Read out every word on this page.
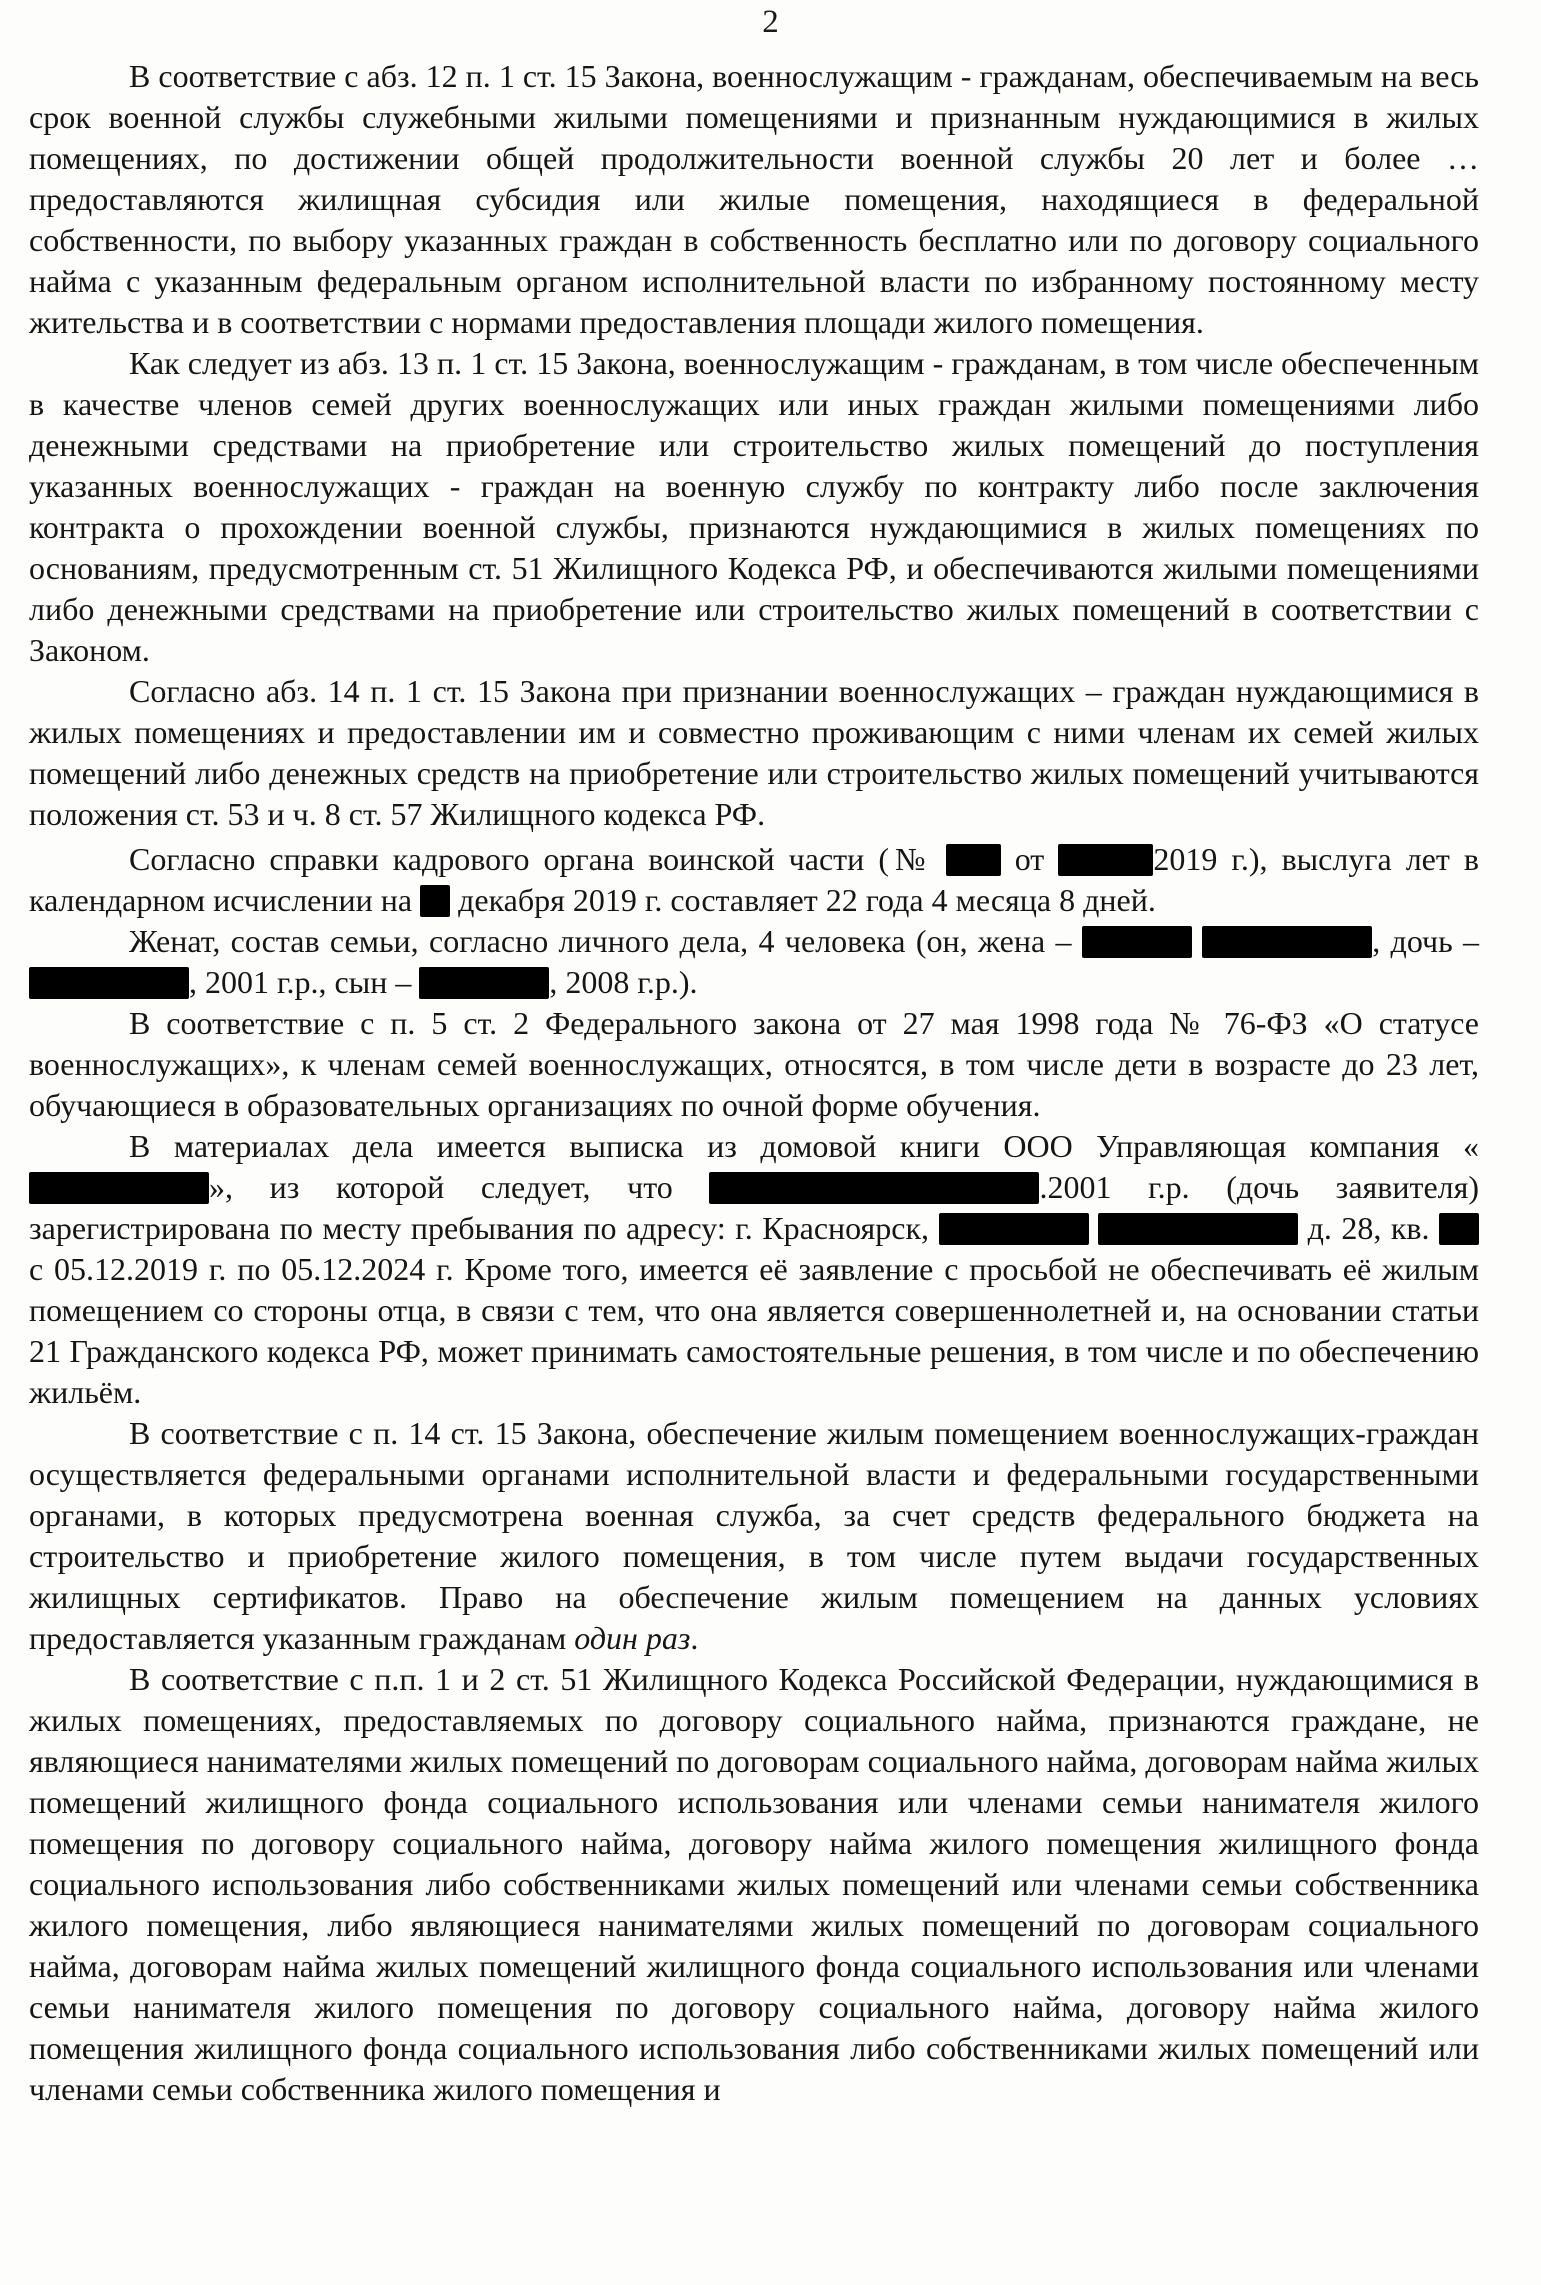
2

В соответствие с абз. 12 п. 1 ст. 15 Закона, военнослужащим - гражданам, обеспечиваемым на весь срок военной службы служебными жилыми помещениями и признанным нуждающимися в жилых помещениях, по достижении общей продолжительности военной службы 20 лет и более … предоставляются жилищная субсидия или жилые помещения, находящиеся в федеральной собственности, по выбору указанных граждан в собственность бесплатно или по договору социального найма с указанным федеральным органом исполнительной власти по избранному постоянному месту жительства и в соответствии с нормами предоставления площади жилого помещения.

Как следует из абз. 13 п. 1 ст. 15 Закона, военнослужащим - гражданам, в том числе обеспеченным в качестве членов семей других военнослужащих или иных граждан жилыми помещениями либо денежными средствами на приобретение или строительство жилых помещений до поступления указанных военнослужащих - граждан на военную службу по контракту либо после заключения контракта о прохождении военной службы, признаются нуждающимися в жилых помещениях по основаниям, предусмотренным ст. 51 Жилищного Кодекса РФ, и обеспечиваются жилыми помещениями либо денежными средствами на приобретение или строительство жилых помещений в соответствии с Законом.

Согласно абз. 14 п. 1 ст. 15 Закона при признании военнослужащих – граждан нуждающимися в жилых помещениях и предоставлении им и совместно проживающим с ними членам их семей жилых помещений либо денежных средств на приобретение или строительство жилых помещений учитываются положения ст. 53 и ч. 8 ст. 57 Жилищного кодекса РФ.

Согласно справки кадрового органа воинской части (№	от	2019 г.), выслуга лет в календарном исчислении на декабря 2019 г. составляет 22 года 4 месяца 8 дней.

Женат, состав семьи, согласно личного дела, 4 человека (он, жена –	, дочь – , 2001 г.р., сын –	, 2008 г.р.).

В соответствие с п. 5 ст. 2 Федерального закона от 27 мая 1998 года № 76-ФЗ «О статусе военнослужащих», к членам семей военнослужащих, относятся, в том числе дети в возрасте до 23 лет, обучающиеся в образовательных организациях по очной форме обучения.

В материалах дела имеется выписка из домовой книги ООО Управляющая компания «», из которой следует, что	.2001 г.р. (дочь заявителя) зарегистрирована по месту пребывания по адресу: г. Красноярск,	д. 28, кв.  с 05.12.2019 г. по 05.12.2024 г. Кроме того, имеется её заявление с просьбой не обеспечивать её жилым помещением со стороны отца, в связи с тем, что она является совершеннолетней и, на основании статьи 21 Гражданского кодекса РФ, может принимать самостоятельные решения, в том числе и по обеспечению жильём.

В соответствие с п. 14 ст. 15 Закона, обеспечение жилым помещением военнослужащих-граждан осуществляется федеральными органами исполнительной власти и федеральными государственными органами, в которых предусмотрена военная служба, за счет средств федерального бюджета на строительство и приобретение жилого помещения, в том числе путем выдачи государственных жилищных сертификатов. Право на обеспечение жилым помещением на данных условиях предоставляется указанным гражданам один раз.

В соответствие с п.п. 1 и 2 ст. 51 Жилищного Кодекса Российской Федерации, нуждающимися в жилых помещениях, предоставляемых по договору социального найма, признаются граждане, не являющиеся нанимателями жилых помещений по договорам социального найма, договорам найма жилых помещений жилищного фонда социального использования или членами семьи нанимателя жилого помещения по договору социального найма, договору найма жилого помещения жилищного фонда социального использования либо собственниками жилых помещений или членами семьи собственника жилого помещения, либо являющиеся нанимателями жилых помещений по договорам социального найма, договорам найма жилых помещений жилищного фонда социального использования или членами семьи нанимателя жилого помещения по договору социального найма, договору найма жилого помещения жилищного фонда социального использования либо собственниками жилых помещений или членами семьи собственника жилого помещения и
